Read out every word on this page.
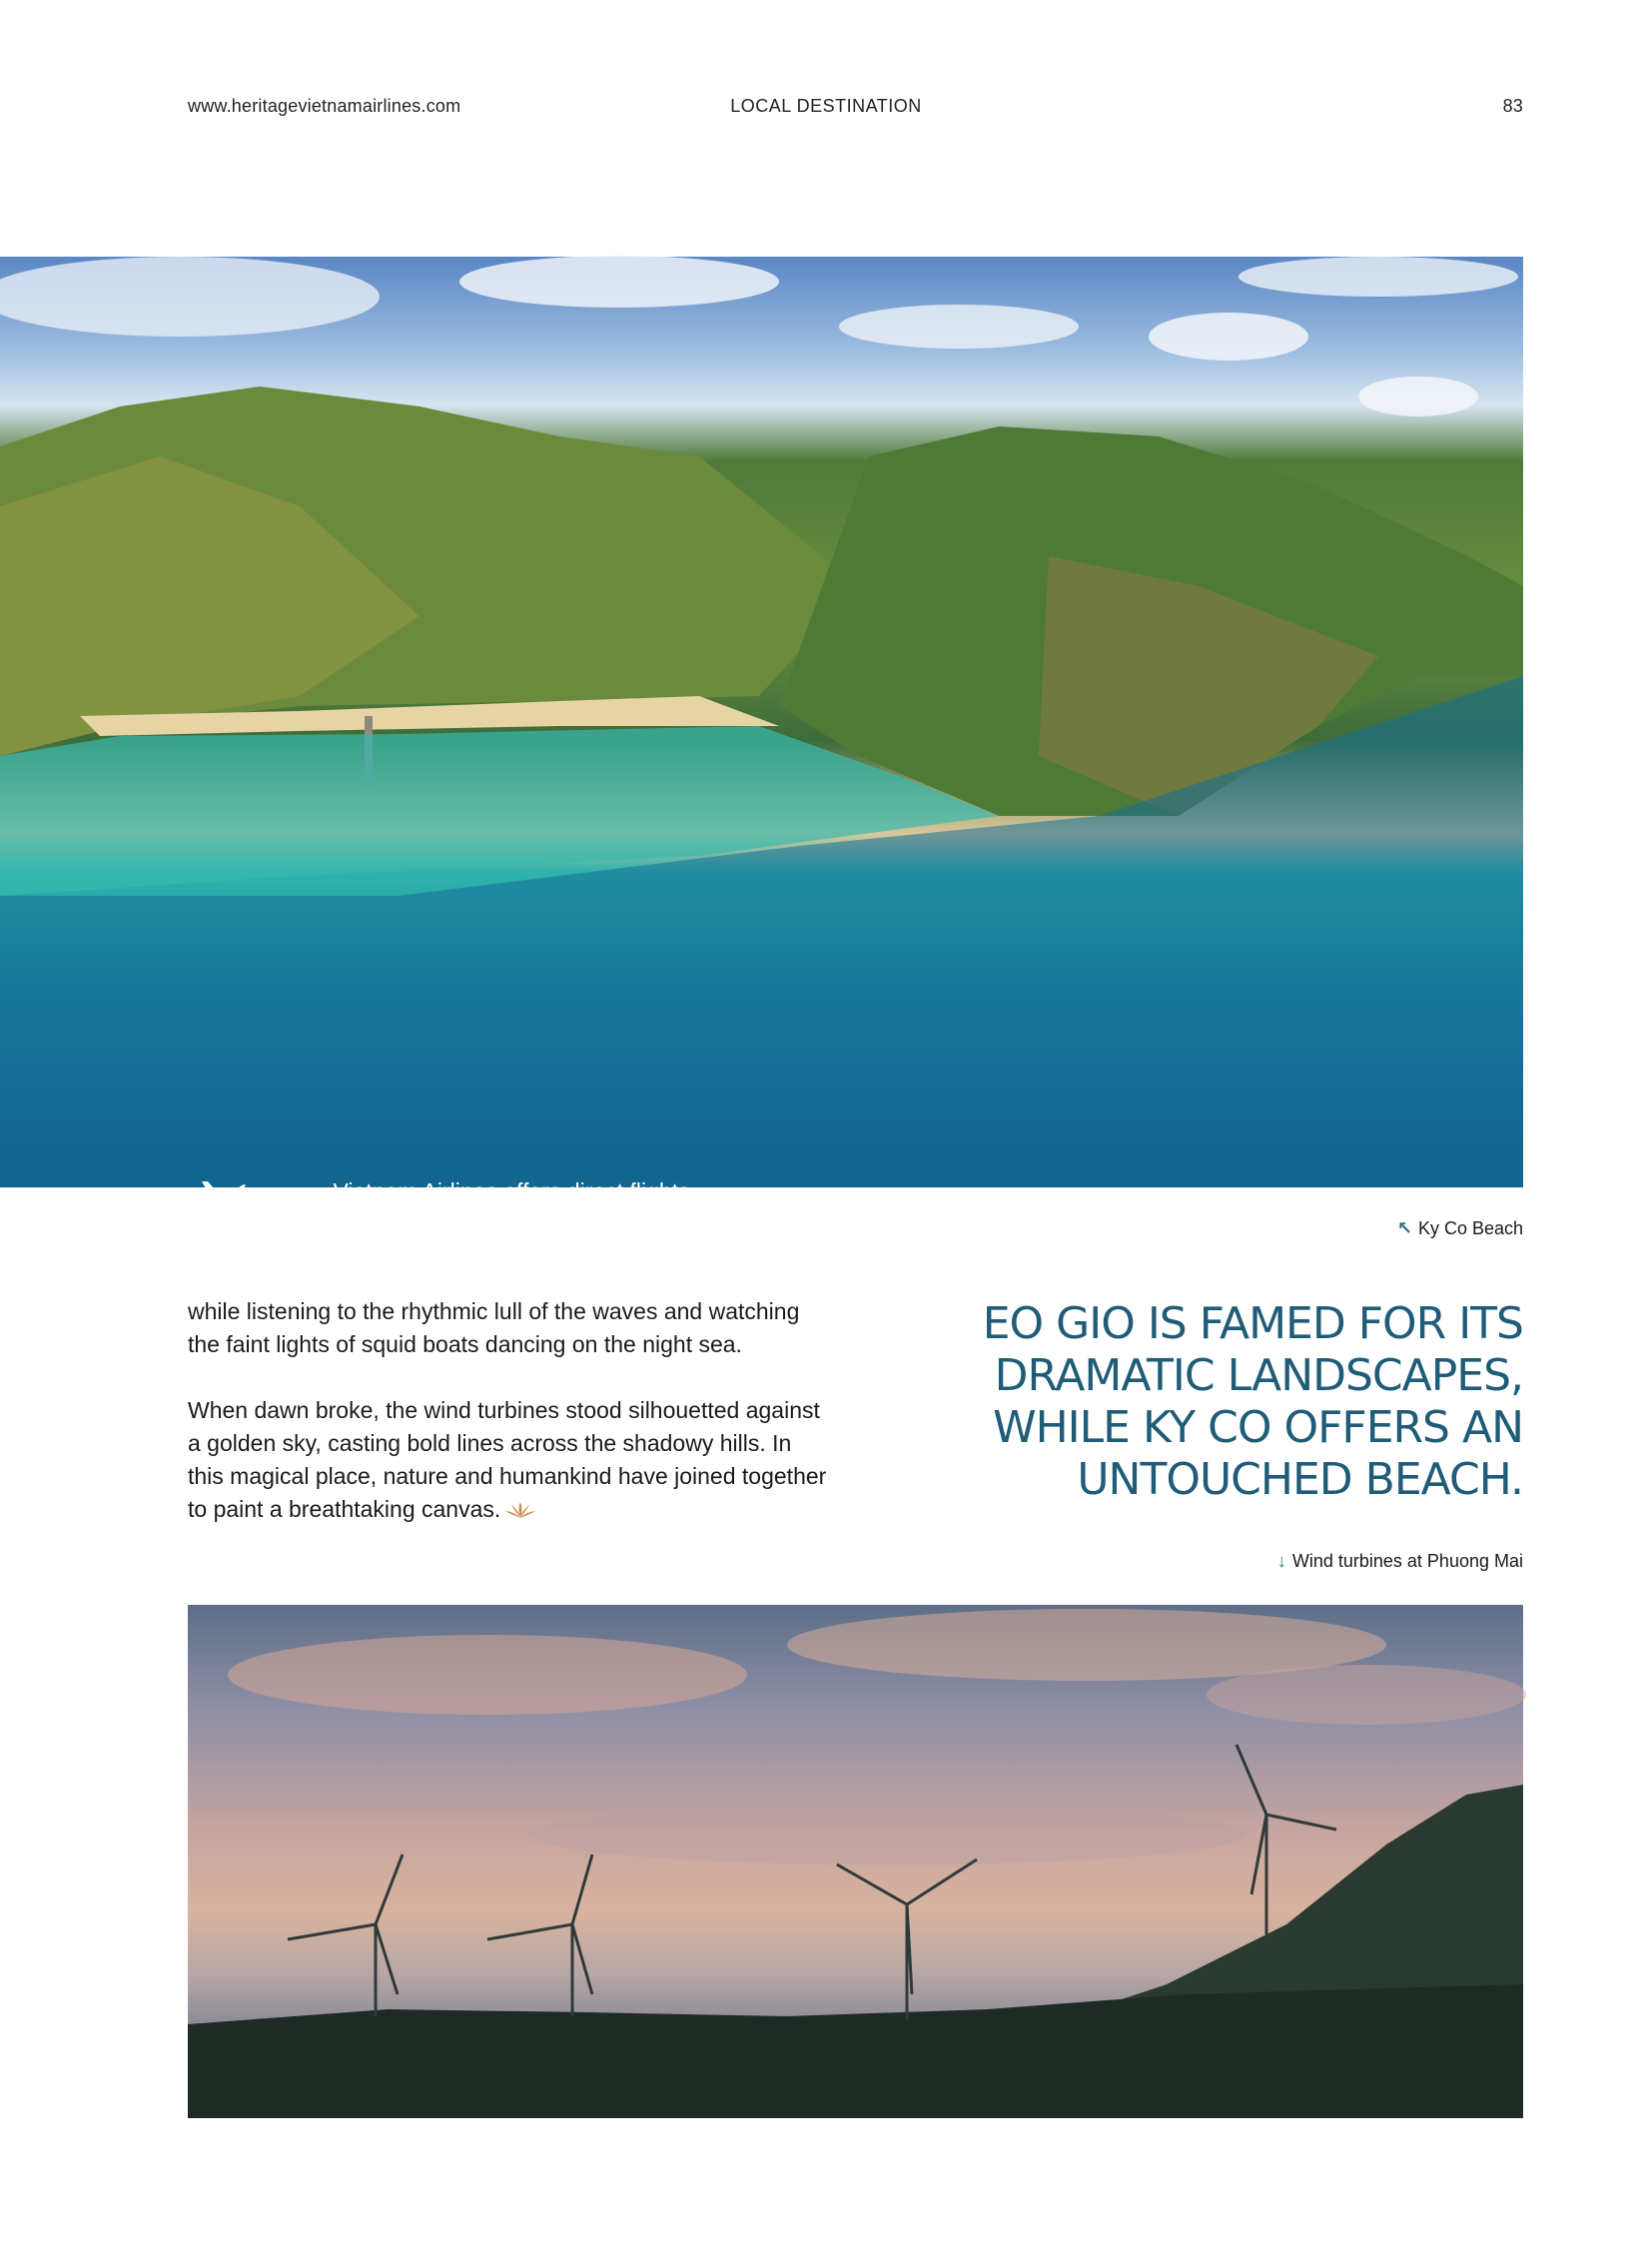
www.heritagevietnamairlines.com	LOCAL DESTINATION	83
Vietnam Airlines offers direct flights
between Hanoi, Ho Chi Minh City and Quy Nhon.
Please visit www.vietnamairlines.com
for more information and special offers.
↖ Ky Co Beach

while listening to the rhythmic lull of the waves and watching the faint lights of squid boats dancing on the night sea.

When dawn broke, the wind turbines stood silhouetted against a golden sky, casting bold lines across the shadowy hills. In this magical place, nature and humankind have joined together to paint a breathtaking canvas.

EO GIO IS FAMED FOR ITS DRAMATIC LANDSCAPES, WHILE KY CO OFFERS AN UNTOUCHED BEACH.
↓ Wind turbines at Phuong Mai
